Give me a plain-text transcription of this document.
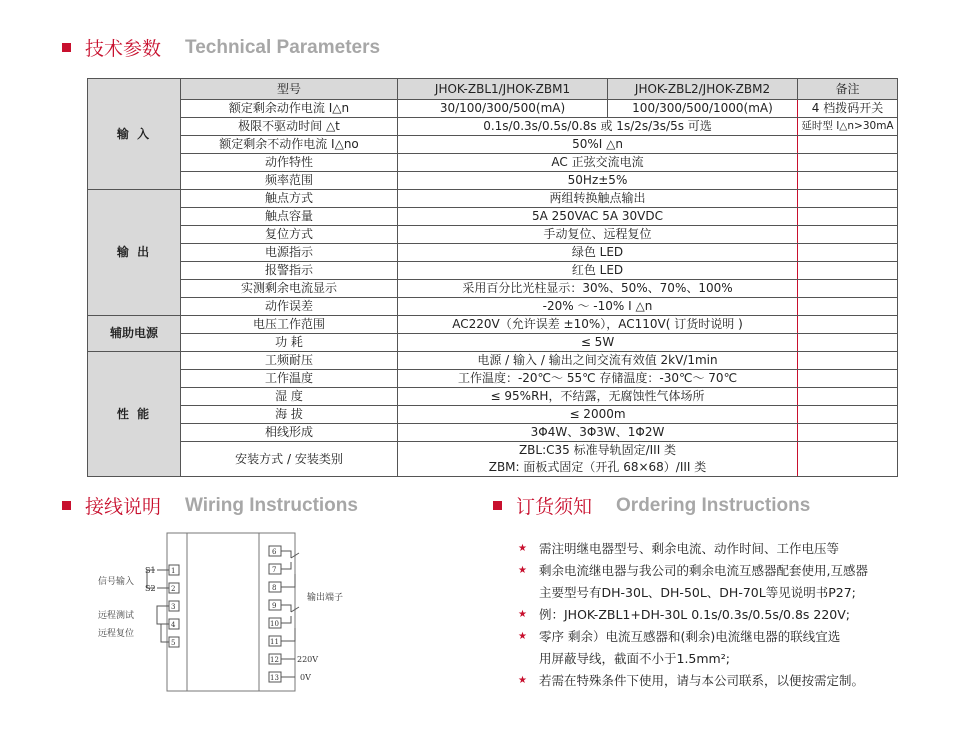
技术参数 Technical Parameters
输 入	型号	JHOK-ZBL1/JHOK-ZBM1	JHOK-ZBL2/JHOK-ZBM2	备注
	额定剩余动作电流 I△n	30/100/300/500(mA)	100/300/500/1000(mA)	4 档拨码开关
	极限不驱动时间 △t	0.1s/0.3s/0.5s/0.8s 或 1s/2s/3s/5s 可选		延时型 I△n>30mA
	额定剩余不动作电流 I△no	50%I △n		
	动作特性	AC 正弦交流电流		
	频率范围	50Hz±5%		
输 出	触点方式	两组转换触点输出		
	触点容量	5A 250VAC 5A 30VDC		
	复位方式	手动复位、远程复位		
	电源指示	绿色 LED		
	报警指示	红色 LED		
	实测剩余电流显示	采用百分比光柱显示：30%、50%、70%、100%		
	动作误差	-20% ～ -10% I △n		
辅助电源	电压工作范围	AC220V（允许误差 ±10%），AC110V( 订货时说明 )		
	功 耗	≤ 5W		
性 能	工频耐压	电源 / 输入 / 输出之间交流有效值 2kV/1min		
	工作温度	工作温度：-20℃～ 55℃ 存储温度：-30℃～ 70℃		
	湿 度	≤ 95%RH，不结露，无腐蚀性气体场所		
	海 拔	≤ 2000m		
	相线形成	3Φ4W、3Φ3W、1Φ2W		
	安装方式 / 安装类别	ZBL:C35 标准导轨固定/III 类
ZBM: 面板式固定（开孔 68×68）/III 类		

接线说明 Wiring Instructions
1
2
3
4
5
6
7
8
9
10
11
12
13
S1
S2
信号输入
远程测试
远程复位
输出端子
220V
0V
订货须知 Ordering Instructions
★ 需注明继电器型号、剩余电流、动作时间、工作电压等
★ 剩余电流继电器与我公司的剩余电流互感器配套使用,互感器
主要型号有DH-30L、DH-50L、DH-70L等见说明书P27;
★ 例：JHOK-ZBL1+DH-30L 0.1s/0.3s/0.5s/0.8s 220V;
★ 零序 剩余）电流互感器和(剩余)电流继电器的联线宜选
用屏蔽导线，截面不小于1.5mm²;
★ 若需在特殊条件下使用，请与本公司联系，以便按需定制。
